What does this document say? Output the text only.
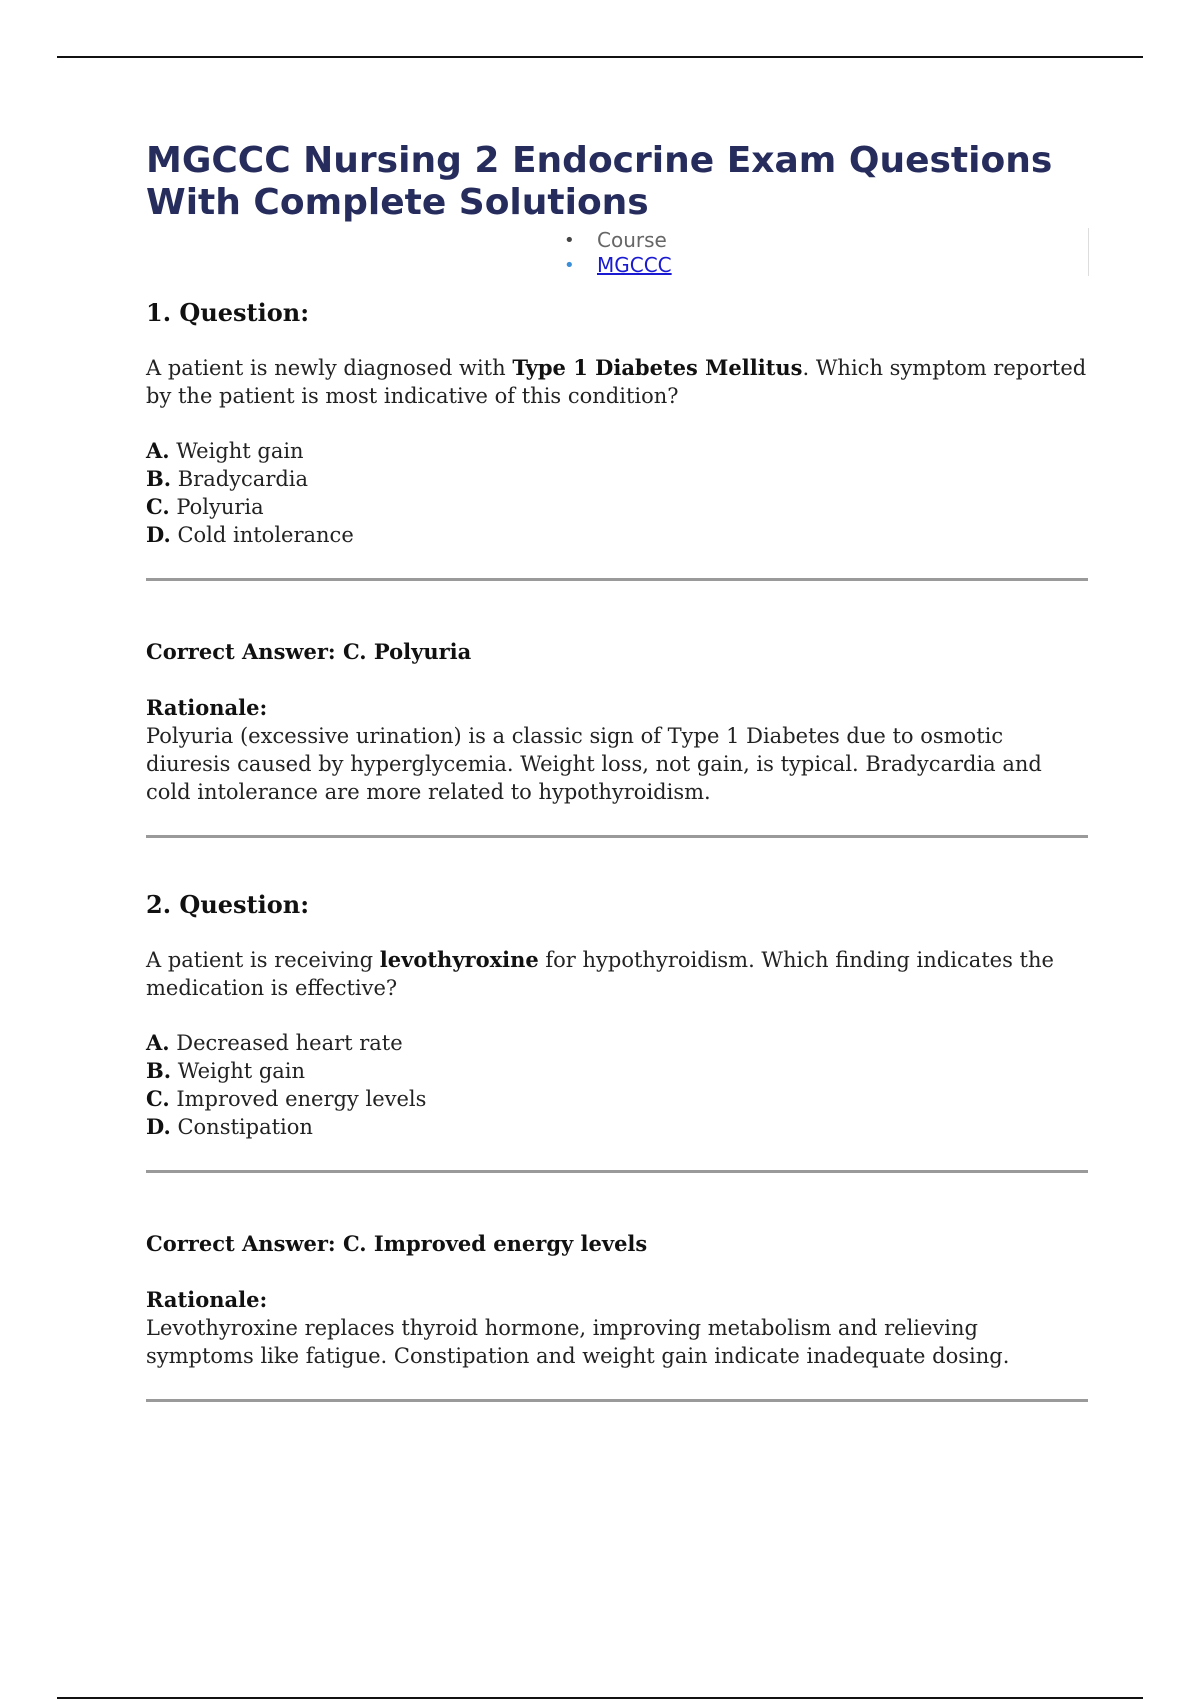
MGCCC Nursing 2 Endocrine Exam Questions With Complete Solutions
• Course
• MGCCC
1. Question:

A patient is newly diagnosed with Type 1 Diabetes Mellitus. Which symptom reported by the patient is most indicative of this condition?

A. Weight gain
B. Bradycardia
C. Polyuria
D. Cold intolerance

Correct Answer: C. Polyuria

Rationale:

Polyuria (excessive urination) is a classic sign of Type 1 Diabetes due to osmotic diuresis caused by hyperglycemia. Weight loss, not gain, is typical. Bradycardia and cold intolerance are more related to hypothyroidism.

2. Question:

A patient is receiving levothyroxine for hypothyroidism. Which finding indicates the medication is effective?

A. Decreased heart rate
B. Weight gain
C. Improved energy levels
D. Constipation

Correct Answer: C. Improved energy levels

Rationale:

Levothyroxine replaces thyroid hormone, improving metabolism and relieving symptoms like fatigue. Constipation and weight gain indicate inadequate dosing.
